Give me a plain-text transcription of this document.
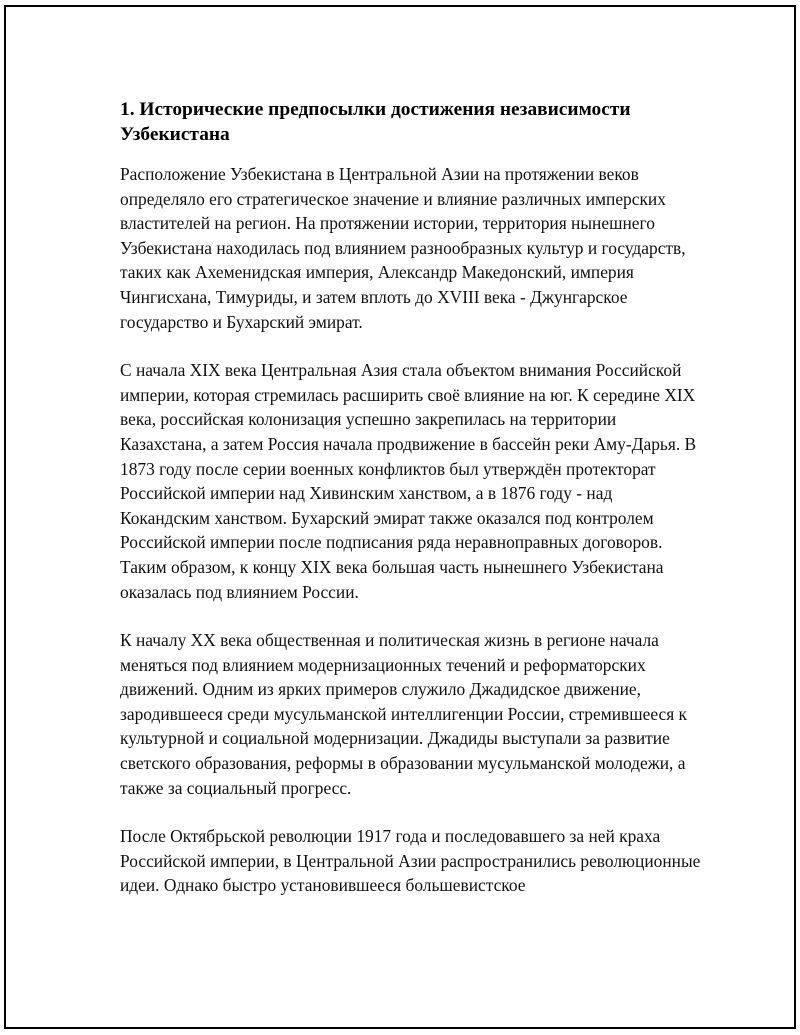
1. Исторические предпосылки достижения независимости Узбекистана

Расположение Узбекистана в Центральной Азии на протяжении веков определяло его стратегическое значение и влияние различных имперских властителей на регион. На протяжении истории, территория нынешнего Узбекистана находилась под влиянием разнообразных культур и государств, таких как Ахеменидская империя, Александр Македонский, империя Чингисхана, Тимуриды, и затем вплоть до XVIII века - Джунгарское государство и Бухарский эмират.

С начала XIX века Центральная Азия стала объектом внимания Российской империи, которая стремилась расширить своё влияние на юг. К середине XIX века, российская колонизация успешно закрепилась на территории Казахстана, а затем Россия начала продвижение в бассейн реки Аму-Дарья. В 1873 году после серии военных конфликтов был утверждён протекторат Российской империи над Хивинским ханством, а в 1876 году - над Кокандским ханством. Бухарский эмират также оказался под контролем Российской империи после подписания ряда неравноправных договоров. Таким образом, к концу XIX века большая часть нынешнего Узбекистана оказалась под влиянием России.

К началу XX века общественная и политическая жизнь в регионе начала меняться под влиянием модернизационных течений и реформаторских движений. Одним из ярких примеров служило Джадидское движение, зародившееся среди мусульманской интеллигенции России, стремившееся к культурной и социальной модернизации. Джадиды выступали за развитие светского образования, реформы в образовании мусульманской молодежи, а также за социальный прогресс.

После Октябрьской революции 1917 года и последовавшего за ней краха Российской империи, в Центральной Азии распространились революционные идеи. Однако быстро установившееся большевистское
